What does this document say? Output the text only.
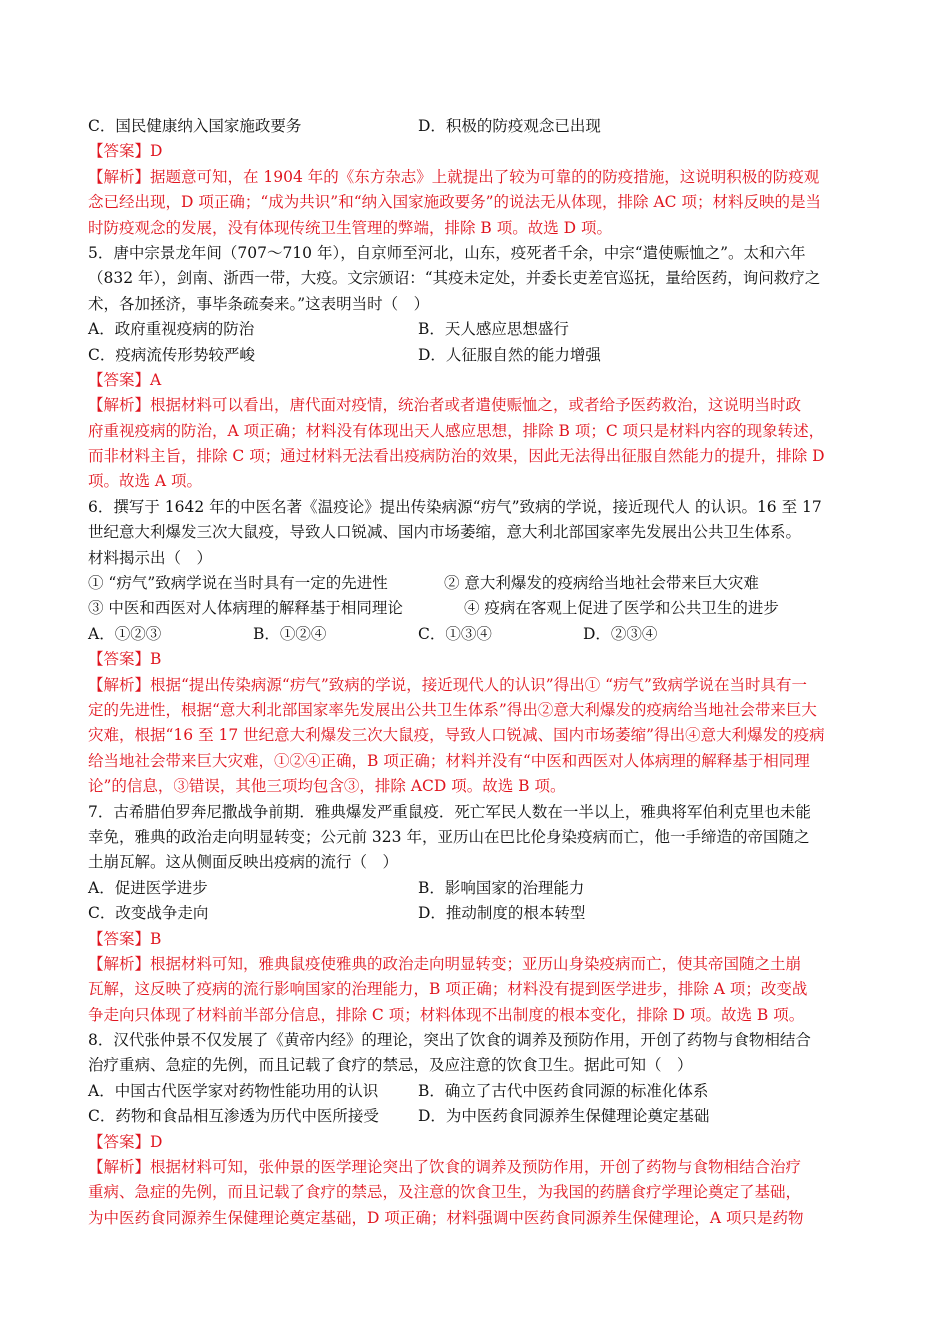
C．国民健康纳入国家施政要务	D．积极的防疫观念已出现
【答案】D
【解析】据题意可知，在 1904 年的《东方杂志》上就提出了较为可靠的的防疫措施，这说明积极的防疫观
念已经出现，D 项正确；“成为共识”和“纳入国家施政要务”的说法无从体现，排除 AC 项；材料反映的是当
时防疫观念的发展，没有体现传统卫生管理的弊端，排除 B 项。故选 D 项。
5．唐中宗景龙年间（707～710 年），自京师至河北，山东，疫死者千余，中宗“遣使赈恤之”。太和六年
（832 年），剑南、浙西一带，大疫。文宗颁诏：“其疫未定处，并委长吏差官巡抚，量给医药，询问救疗之
术，各加拯济，事毕条疏奏来。”这表明当时（　）
A．政府重视疫病的防治	B．天人感应思想盛行
C．疫病流传形势较严峻	D．人征服自然的能力增强
【答案】A
【解析】根据材料可以看出，唐代面对疫情，统治者或者遣使赈恤之，或者给予医药救治，这说明当时政
府重视疫病的防治，A 项正确；材料没有体现出天人感应思想，排除 B 项；C 项只是材料内容的现象转述，
而非材料主旨，排除 C 项；通过材料无法看出疫病防治的效果，因此无法得出征服自然能力的提升，排除 D
项。故选 A 项。
6．撰写于 1642 年的中医名著《温疫论》提出传染病源“疠气”致病的学说，接近现代人 的认识。16 至 17
世纪意大利爆发三次大鼠疫，导致人口锐减、国内市场萎缩，意大利北部国家率先发展出公共卫生体系。
材料揭示出（　）
① “疠气”致病学说在当时具有一定的先进性	② 意大利爆发的疫病给当地社会带来巨大灾难
③ 中医和西医对人体病理的解释基于相同理论	④ 疫病在客观上促进了医学和公共卫生的进步
A．①②③	B．①②④	C．①③④	D．②③④
【答案】B
【解析】根据“提出传染病源“疠气”致病的学说，接近现代人的认识”得出① “疠气”致病学说在当时具有一
定的先进性，根据“意大利北部国家率先发展出公共卫生体系”得出②意大利爆发的疫病给当地社会带来巨大
灾难，根据“16 至 17 世纪意大利爆发三次大鼠疫，导致人口锐减、国内市场萎缩”得出④意大利爆发的疫病
给当地社会带来巨大灾难，①②④正确，B 项正确；材料并没有“中医和西医对人体病理的解释基于相同理
论”的信息，③错误，其他三项均包含③，排除 ACD 项。故选 B 项。
7．古希腊伯罗奔尼撒战争前期．雅典爆发严重鼠疫．死亡军民人数在一半以上，雅典将军伯利克里也未能
幸免，雅典的政治走向明显转变；公元前 323 年，亚历山在巴比伦身染疫病而亡，他一手缔造的帝国随之
土崩瓦解。这从侧面反映出疫病的流行（　）
A．促进医学进步	B．影响国家的治理能力
C．改变战争走向	D．推动制度的根本转型
【答案】B
【解析】根据材料可知，雅典鼠疫使雅典的政治走向明显转变；亚历山身染疫病而亡，使其帝国随之土崩
瓦解，这反映了疫病的流行影响国家的治理能力，B 项正确；材料没有提到医学进步，排除 A 项；改变战
争走向只体现了材料前半部分信息，排除 C 项；材料体现不出制度的根本变化，排除 D 项。故选 B 项。
8．汉代张仲景不仅发展了《黄帝内经》的理论，突出了饮食的调养及预防作用，开创了药物与食物相结合
治疗重病、急症的先例，而且记载了食疗的禁忌，及应注意的饮食卫生。据此可知（　）
A．中国古代医学家对药物性能功用的认识	B．确立了古代中医药食同源的标准化体系
C．药物和食品相互渗透为历代中医所接受	D．为中医药食同源养生保健理论奠定基础
【答案】D
【解析】根据材料可知，张仲景的医学理论突出了饮食的调养及预防作用，开创了药物与食物相结合治疗
重病、急症的先例，而且记载了食疗的禁忌，及注意的饮食卫生，为我国的药膳食疗学理论奠定了基础，
为中医药食同源养生保健理论奠定基础，D 项正确；材料强调中医药食同源养生保健理论，A 项只是药物
